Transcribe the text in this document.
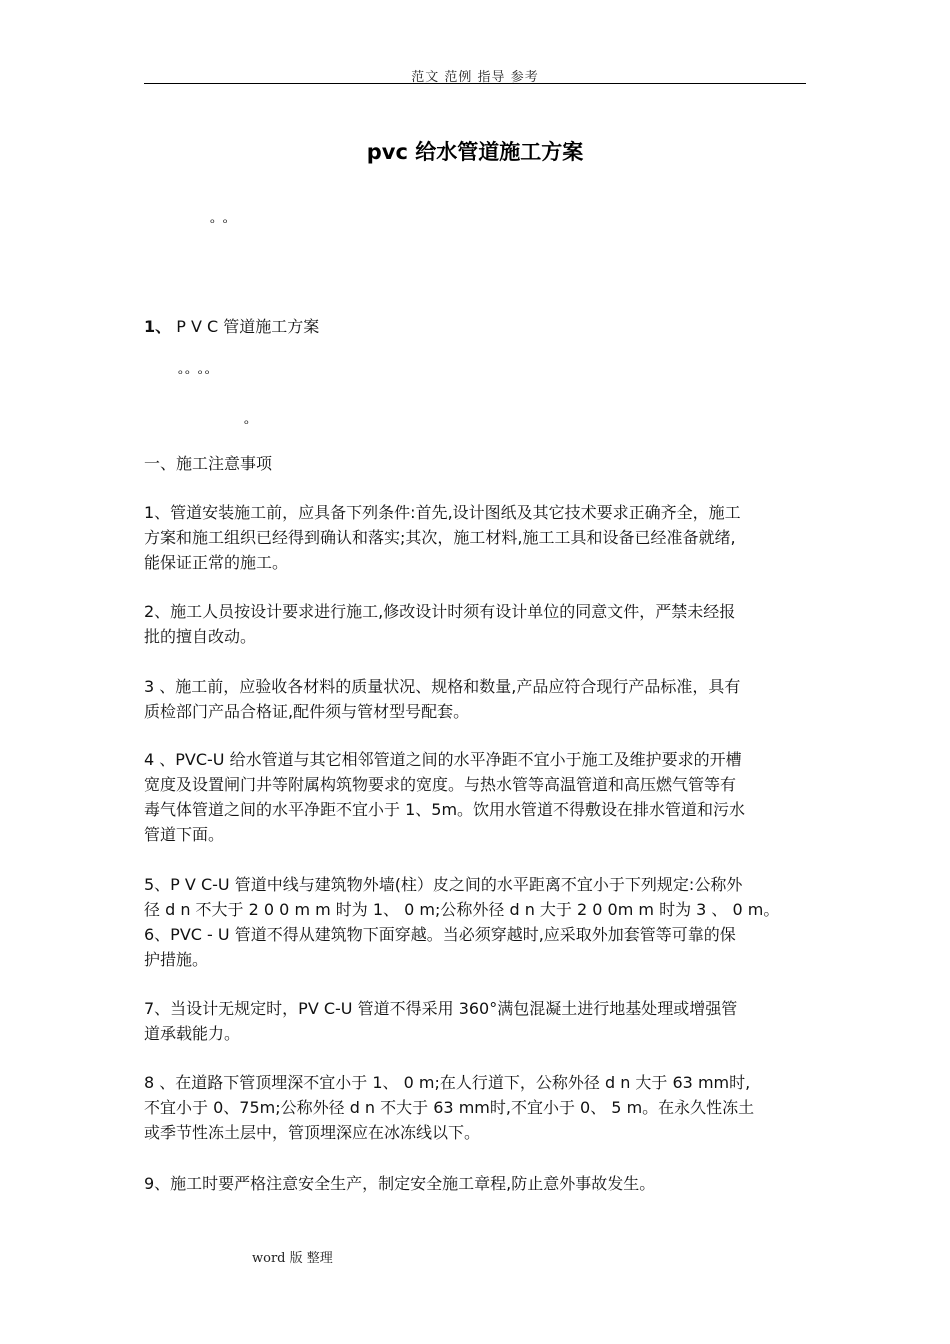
范文 范例 指导 参考
pvc 给水管道施工方案
ᵒ ᵒ
1、 P V C 管道施工方案
ᵒᵒ ᵒᵒ
ᵒ
一、施工注意事项
1、管道安装施工前，应具备下列条件:首先,设计图纸及其它技术要求正确齐全，施工
方案和施工组织已经得到确认和落实;其次，施工材料,施工工具和设备已经准备就绪,
能保证正常的施工。
2、施工人员按设计要求进行施工,修改设计时须有设计单位的同意文件，严禁未经报
批的擅自改动。
3 、施工前，应验收各材料的质量状况、规格和数量,产品应符合现行产品标准，具有
质检部门产品合格证,配件须与管材型号配套。
4 、PVC-U 给水管道与其它相邻管道之间的水平净距不宜小于施工及维护要求的开槽
宽度及设置闸门井等附属构筑物要求的宽度。与热水管等高温管道和高压燃气管等有
毒气体管道之间的水平净距不宜小于 1、5m。饮用水管道不得敷设在排水管道和污水
管道下面。
5、P V C-U 管道中线与建筑物外墙(柱）皮之间的水平距离不宜小于下列规定:公称外
径 d n 不大于 2 0 0 m m 时为 1、 0 m;公称外径 d n 大于 2 0 0m m 时为 3 、 0 m。
6、PVC - U 管道不得从建筑物下面穿越。当必须穿越时,应采取外加套管等可靠的保
护措施。
7、当设计无规定时，PV C-U 管道不得采用 360°满包混凝土进行地基处理或增强管
道承载能力。
8 、在道路下管顶埋深不宜小于 1、 0 m;在人行道下，公称外径 d n 大于 63 mm时,
不宜小于 0、75m;公称外径 d n 不大于 63 mm时,不宜小于 0、 5 m。在永久性冻土
或季节性冻土层中，管顶埋深应在冰冻线以下。
9、施工时要严格注意安全生产，制定安全施工章程,防止意外事故发生。
word 版 整理
